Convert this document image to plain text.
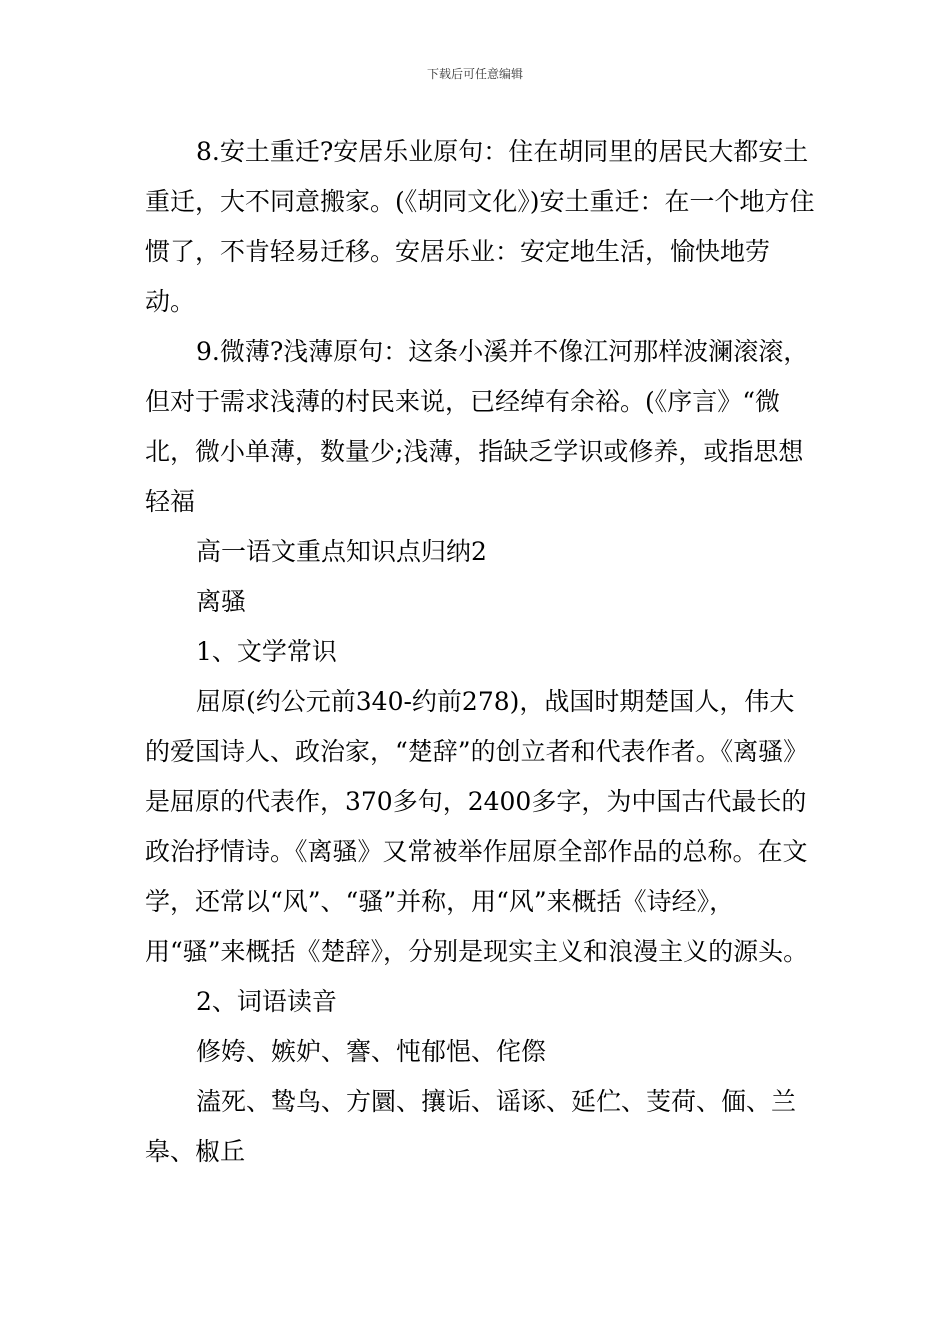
下载后可任意编辑

8.安土重迁?安居乐业原句：住在胡同里的居民大都安土重迁，大不同意搬家。(《胡同文化》)安土重迁：在一个地方住惯了，不肯轻易迁移。安居乐业：安定地生活，愉快地劳动。

9.微薄?浅薄原句：这条小溪并不像江河那样波澜滚滚，但对于需求浅薄的村民来说，已经绰有余裕。(《序言》“微北，微小单薄，数量少;浅薄，指缺乏学识或修养，或指思想轻福

高一语文重点知识点归纳2

离骚

1、文学常识

屈原(约公元前340-约前278)，战国时期楚国人，伟大的爱国诗人、政治家，“楚辞”的创立者和代表作者。《离骚》是屈原的代表作，370多句，2400多字，为中国古代最长的政治抒情诗。《离骚》又常被举作屈原全部作品的总称。在文学，还常以“风”、“骚”并称，用“风”来概括《诗经》，用“骚”来概括《楚辞》，分别是现实主义和浪漫主义的源头。

2、词语读音

修姱、嫉妒、謇、忳郁悒、侘傺

溘死、鸷鸟、方圜、攘诟、谣诼、延伫、芰荷、偭、兰皋、椒丘
